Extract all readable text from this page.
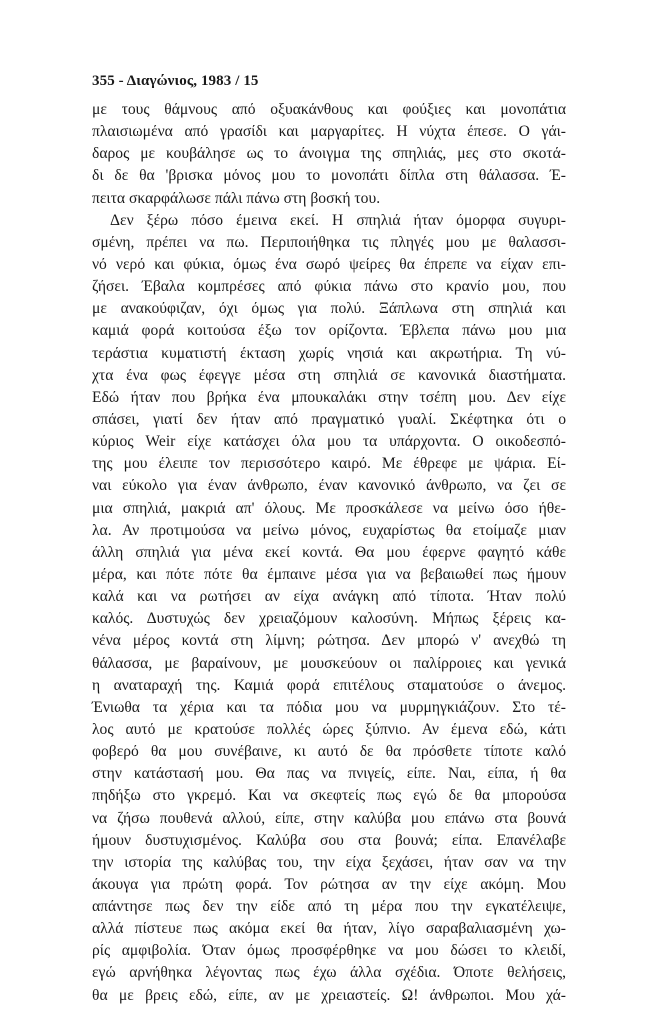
355 - Διαγώνιος, 1983 / 15
με τους θάμνους από οξυακάνθους και φούξιες και μονοπάτια
πλαισιωμένα από γρασίδι και μαργαρίτες. Η νύχτα έπεσε. Ο γάι-
δαρος με κουβάλησε ως το άνοιγμα της σπηλιάς, μες στο σκοτά-
δι δε θα 'βρισκα μόνος μου το μονοπάτι δίπλα στη θάλασσα. Έ-
πειτα σκαρφάλωσε πάλι πάνω στη βοσκή του.
Δεν ξέρω πόσο έμεινα εκεί. Η σπηλιά ήταν όμορφα συγυρι-
σμένη, πρέπει να πω. Περιποιήθηκα τις πληγές μου με θαλασσι-
νό νερό και φύκια, όμως ένα σωρό ψείρες θα έπρεπε να είχαν επι-
ζήσει. Έβαλα κομπρέσες από φύκια πάνω στο κρανίο μου, που
με ανακούφιζαν, όχι όμως για πολύ. Ξάπλωνα στη σπηλιά και
καμιά φορά κοιτούσα έξω τον ορίζοντα. Έβλεπα πάνω μου μια
τεράστια κυματιστή έκταση χωρίς νησιά και ακρωτήρια. Τη νύ-
χτα ένα φως έφεγγε μέσα στη σπηλιά σε κανονικά διαστήματα.
Εδώ ήταν που βρήκα ένα μπουκαλάκι στην τσέπη μου. Δεν είχε
σπάσει, γιατί δεν ήταν από πραγματικό γυαλί. Σκέφτηκα ότι ο
κύριος Weir είχε κατάσχει όλα μου τα υπάρχοντα. Ο οικοδεσπό-
της μου έλειπε τον περισσότερο καιρό. Με έθρεφε με ψάρια. Εί-
ναι εύκολο για έναν άνθρωπο, έναν κανονικό άνθρωπο, να ζει σε
μια σπηλιά, μακριά απ' όλους. Με προσκάλεσε να μείνω όσο ήθε-
λα. Αν προτιμούσα να μείνω μόνος, ευχαρίστως θα ετοίμαζε μιαν
άλλη σπηλιά για μένα εκεί κοντά. Θα μου έφερνε φαγητό κάθε
μέρα, και πότε πότε θα έμπαινε μέσα για να βεβαιωθεί πως ήμουν
καλά και να ρωτήσει αν είχα ανάγκη από τίποτα. Ήταν πολύ
καλός. Δυστυχώς δεν χρειαζόμουν καλοσύνη. Μήπως ξέρεις κα-
νένα μέρος κοντά στη λίμνη; ρώτησα. Δεν μπορώ ν' ανεχθώ τη
θάλασσα, με βαραίνουν, με μουσκεύουν οι παλίρροιες και γενικά
η αναταραχή της. Καμιά φορά επιτέλους σταματούσε ο άνεμος.
Ένιωθα τα χέρια και τα πόδια μου να μυρμηγκιάζουν. Στο τέ-
λος αυτό με κρατούσε πολλές ώρες ξύπνιο. Αν έμενα εδώ, κάτι
φοβερό θα μου συνέβαινε, κι αυτό δε θα πρόσθετε τίποτε καλό
στην κατάστασή μου. Θα πας να πνιγείς, είπε. Ναι, είπα, ή θα
πηδήξω στο γκρεμό. Και να σκεφτείς πως εγώ δε θα μπορούσα
να ζήσω πουθενά αλλού, είπε, στην καλύβα μου επάνω στα βουνά
ήμουν δυστυχισμένος. Καλύβα σου στα βουνά; είπα. Επανέλαβε
την ιστορία της καλύβας του, την είχα ξεχάσει, ήταν σαν να την
άκουγα για πρώτη φορά. Τον ρώτησα αν την είχε ακόμη. Μου
απάντησε πως δεν την είδε από τη μέρα που την εγκατέλειψε,
αλλά πίστευε πως ακόμα εκεί θα ήταν, λίγο σαραβαλιασμένη χω-
ρίς αμφιβολία. Όταν όμως προσφέρθηκε να μου δώσει το κλειδί,
εγώ αρνήθηκα λέγοντας πως έχω άλλα σχέδια. Όποτε θελήσεις,
θα με βρεις εδώ, είπε, αν με χρειαστείς. Ω! άνθρωποι. Μου χά-
